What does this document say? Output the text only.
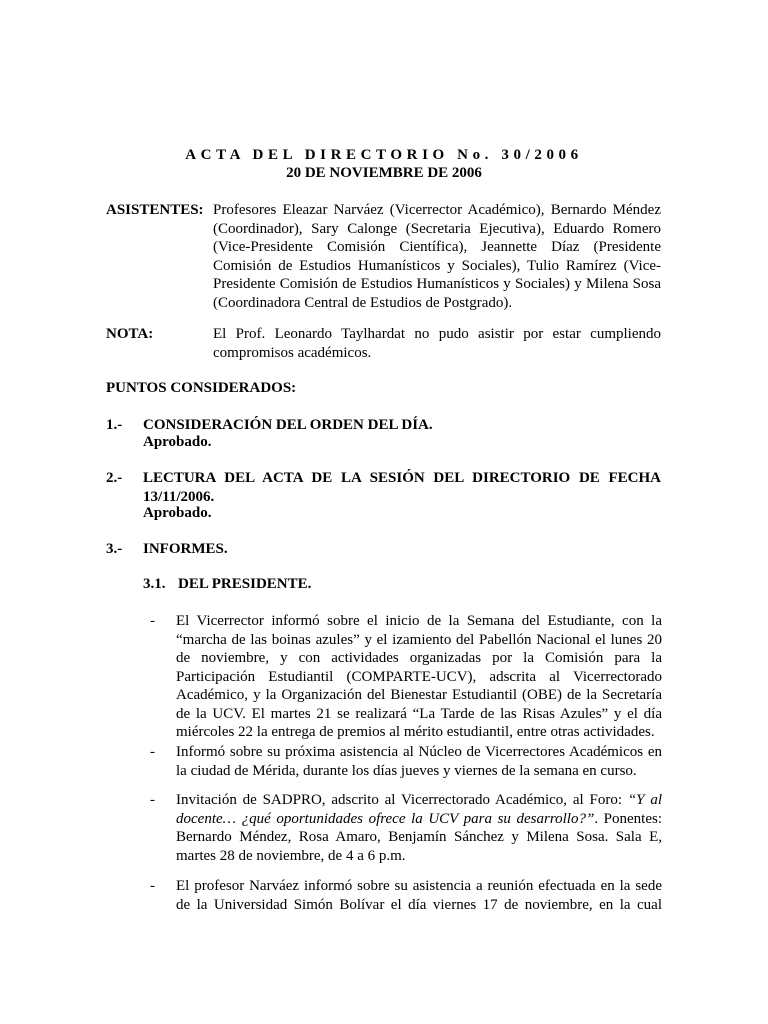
ACTA DEL DIRECTORIO No. 30/2006
20 DE NOVIEMBRE DE 2006
ASISTENTES: Profesores Eleazar Narváez (Vicerrector Académico), Bernardo Méndez
(Coordinador), Sary Calonge (Secretaria Ejecutiva), Eduardo Romero
(Vice-Presidente Comisión Científica), Jeannette Díaz (Presidente
Comisión de Estudios Humanísticos y Sociales), Tulio Ramírez (Vice-
Presidente Comisión de Estudios Humanísticos y Sociales) y Milena Sosa
(Coordinadora Central de Estudios de Postgrado).
NOTA:	El Prof. Leonardo Taylhardat no pudo asistir por estar cumpliendo
compromisos académicos.
PUNTOS CONSIDERADOS:
1.- CONSIDERACIÓN DEL ORDEN DEL DÍA.
Aprobado.
2.- LECTURA DEL ACTA DE LA SESIÓN DEL DIRECTORIO DE FECHA
13/11/2006.
Aprobado.
3.- INFORMES.
3.1. DEL PRESIDENTE.
- El Vicerrector informó sobre el inicio de la Semana del Estudiante, con la
“marcha de las boinas azules” y el izamiento del Pabellón Nacional el lunes 20
de noviembre, y con actividades organizadas por la Comisión para la
Participación Estudiantil (COMPARTE-UCV), adscrita al Vicerrectorado
Académico, y la Organización del Bienestar Estudiantil (OBE) de la Secretaría
de la UCV. El martes 21 se realizará “La Tarde de las Risas Azules” y el día
miércoles 22 la entrega de premios al mérito estudiantil, entre otras actividades.
- Informó sobre su próxima asistencia al Núcleo de Vicerrectores Académicos en
la ciudad de Mérida, durante los días jueves y viernes de la semana en curso.
- Invitación de SADPRO, adscrito al Vicerrectorado Académico, al Foro: “Y al
docente… ¿qué oportunidades ofrece la UCV para su desarrollo?”. Ponentes:
Bernardo Méndez, Rosa Amaro, Benjamín Sánchez y Milena Sosa. Sala E,
martes 28 de noviembre, de 4 a 6 p.m.
- El profesor Narváez informó sobre su asistencia a reunión efectuada en la sede
de la Universidad Simón Bolívar el día viernes 17 de noviembre, en la cual
